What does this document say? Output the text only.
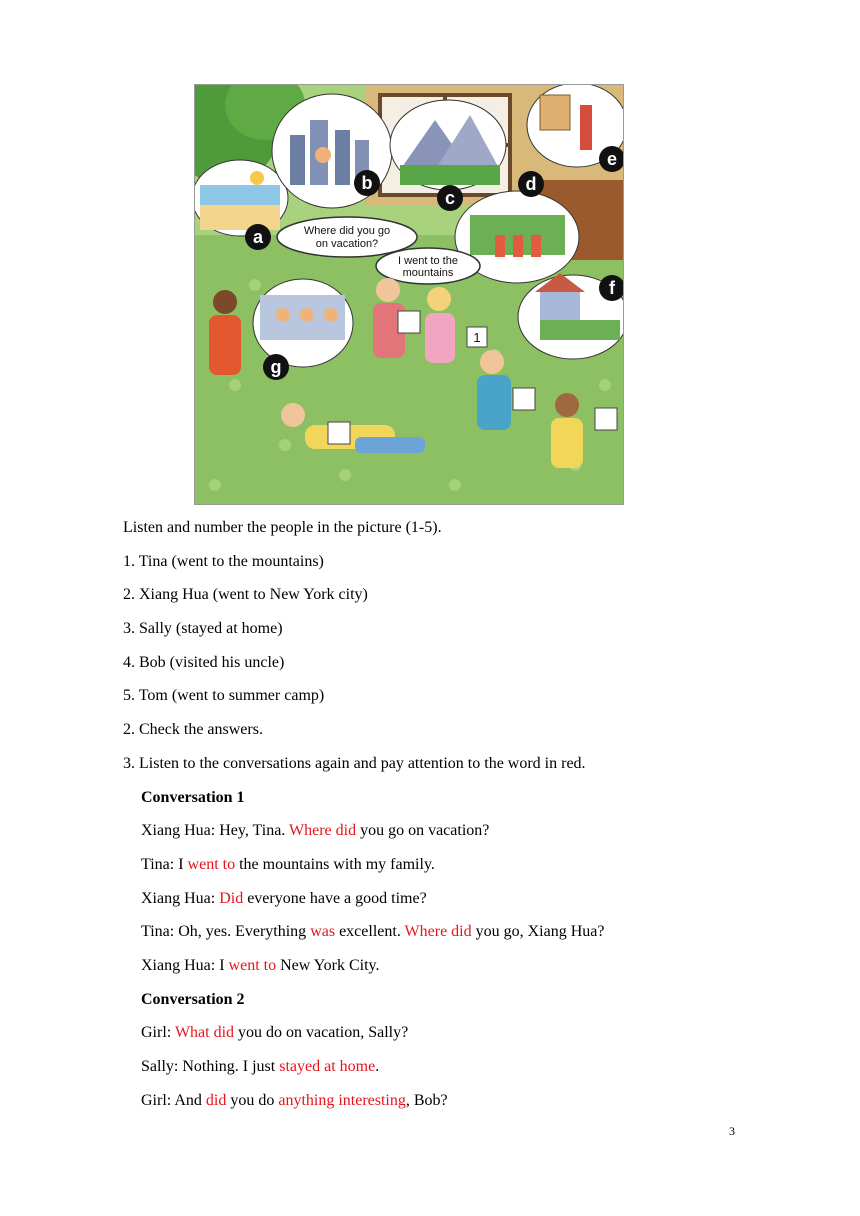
a
b
c
d
e
f
g
Where did you go
on vacation?
I went to the
mountains
1
Listen and number the people in the picture (1-5).
1. Tina (went to the mountains)
2. Xiang Hua (went to New York city)
3. Sally (stayed at home)
4. Bob (visited his uncle)
5. Tom (went to summer camp)
2. Check the answers.
3. Listen to the conversations again and pay attention to the word in red.
Conversation 1
Xiang Hua: Hey, Tina. Where did you go on vacation?
Tina: I went to the mountains with my family.
Xiang Hua: Did everyone have a good time?
Tina: Oh, yes. Everything was excellent. Where did you go, Xiang Hua?
Xiang Hua: I went to New York City.
Conversation 2
Girl: What did you do on vacation, Sally?
Sally: Nothing. I just stayed at home.
Girl: And did you do anything interesting, Bob?
3
